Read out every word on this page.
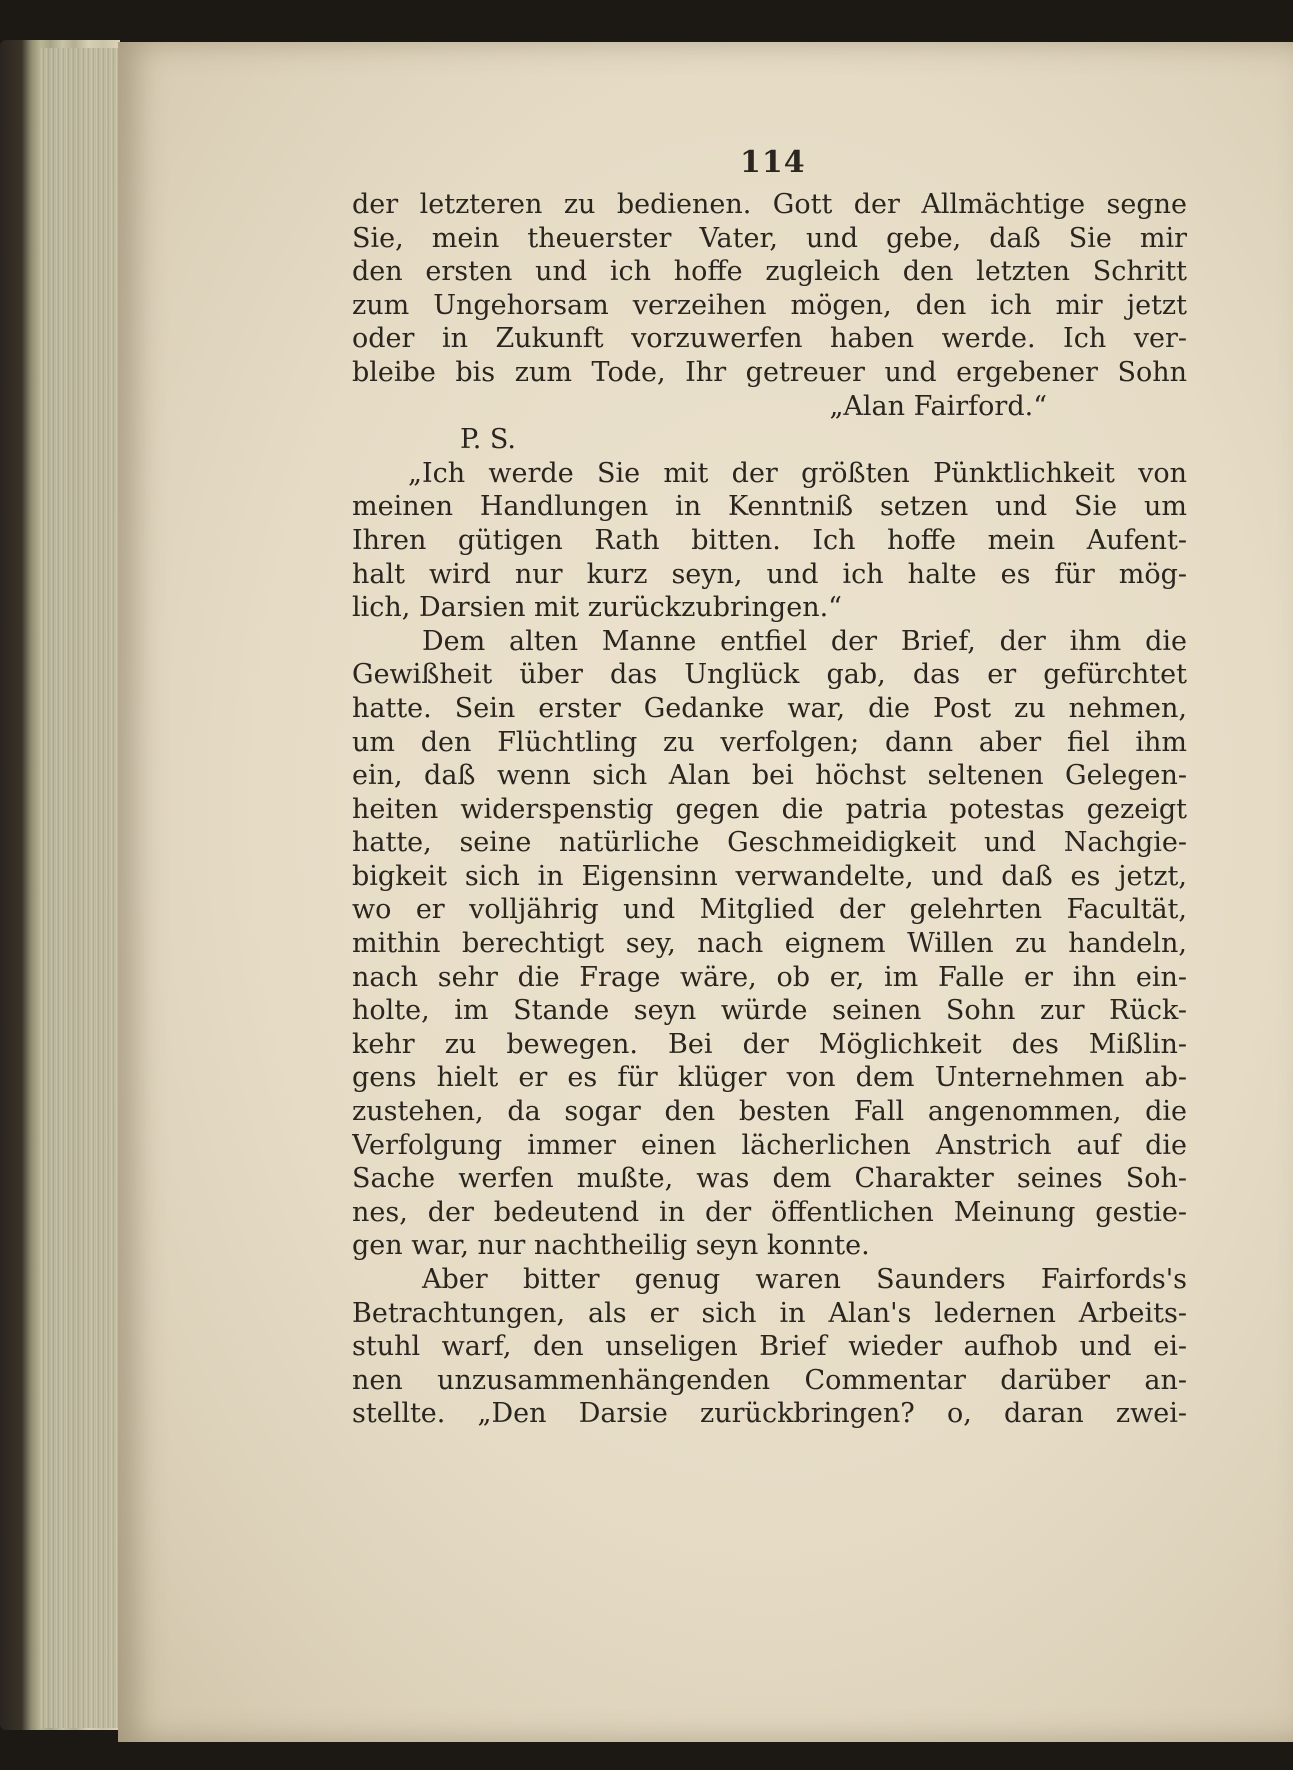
114
der letzteren zu bedienen. Gott der Allmächtige segne
Sie, mein theuerster Vater, und gebe, daß Sie mir
den ersten und ich hoffe zugleich den letzten Schritt
zum Ungehorsam verzeihen mögen, den ich mir jetzt
oder in Zukunft vorzuwerfen haben werde. Ich ver-
bleibe bis zum Tode, Ihr getreuer und ergebener Sohn
„Alan Fairford.“
P. S.
„Ich werde Sie mit der größten Pünktlichkeit von
meinen Handlungen in Kenntniß setzen und Sie um
Ihren gütigen Rath bitten. Ich hoffe mein Aufent-
halt wird nur kurz seyn, und ich halte es für mög-
lich, Darsien mit zurückzubringen.“
Dem alten Manne entfiel der Brief, der ihm die
Gewißheit über das Unglück gab, das er gefürchtet
hatte. Sein erster Gedanke war, die Post zu nehmen,
um den Flüchtling zu verfolgen; dann aber fiel ihm
ein, daß wenn sich Alan bei höchst seltenen Gelegen-
heiten widerspenstig gegen die patria potestas gezeigt
hatte, seine natürliche Geschmeidigkeit und Nachgie-
bigkeit sich in Eigensinn verwandelte, und daß es jetzt,
wo er volljährig und Mitglied der gelehrten Facultät,
mithin berechtigt sey, nach eignem Willen zu handeln,
nach sehr die Frage wäre, ob er, im Falle er ihn ein-
holte, im Stande seyn würde seinen Sohn zur Rück-
kehr zu bewegen. Bei der Möglichkeit des Mißlin-
gens hielt er es für klüger von dem Unternehmen ab-
zustehen, da sogar den besten Fall angenommen, die
Verfolgung immer einen lächerlichen Anstrich auf die
Sache werfen mußte, was dem Charakter seines Soh-
nes, der bedeutend in der öffentlichen Meinung gestie-
gen war, nur nachtheilig seyn konnte.
Aber bitter genug waren Saunders Fairfords's
Betrachtungen, als er sich in Alan's ledernen Arbeits-
stuhl warf, den unseligen Brief wieder aufhob und ei-
nen unzusammenhängenden Commentar darüber an-
stellte. „Den Darsie zurückbringen? o, daran zwei-
